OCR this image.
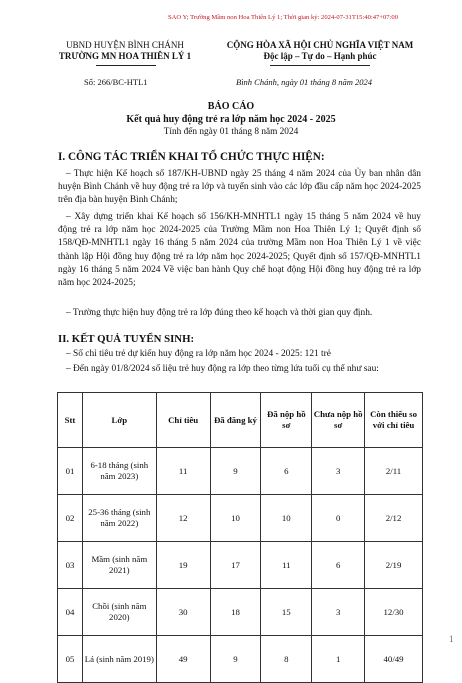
SAO Y; Trường Mầm non Hoa Thiên Lý 1; Thời gian ký: 2024-07-31T15:40:47+07:00
UBND HUYỆN BÌNH CHÁNH
TRƯỜNG MN HOA THIÊN LÝ 1
CỘNG HÒA XÃ HỘI CHỦ NGHĨA VIỆT NAM
Độc lập – Tự do – Hạnh phúc
Số: 266/BC-HTL1	Bình Chánh, ngày 01 tháng 8 năm 2024
BÁO CÁO
Kết quả huy động trẻ ra lớp năm học 2024 - 2025
Tính đến ngày 01 tháng 8 năm 2024
I. CÔNG TÁC TRIỂN KHAI TỔ CHỨC THỰC HIỆN:
– Thực hiện Kế hoạch số 187/KH-UBND ngày 25 tháng 4 năm 2024 của Ủy ban nhân dân huyện Bình Chánh về huy động trẻ ra lớp và tuyển sinh vào các lớp đầu cấp năm học 2024-2025 trên địa bàn huyện Bình Chánh;
– Xây dựng triển khai Kế hoạch số 156/KH-MNHTL1 ngày 15 tháng 5 năm 2024 về huy động trẻ ra lớp năm học 2024-2025 của Trường Mầm non Hoa Thiên Lý 1; Quyết định số 158/QĐ-MNHTL1 ngày 16 tháng 5 năm 2024 của trường Mầm non Hoa Thiên Lý 1 về việc thành lập Hội đồng huy động trẻ ra lớp năm học 2024-2025; Quyết định số 157/QĐ-MNHTL1 ngày 16 tháng 5 năm 2024 Về việc ban hành Quy chế hoạt động Hội đồng huy động trẻ ra lớp năm học 2024-2025;
– Trường thực hiện huy động trẻ ra lớp đúng theo kế hoạch và thời gian quy định.
II. KẾT QUẢ TUYỂN SINH:
– Số chỉ tiêu trẻ dự kiến huy động ra lớp năm học 2024 - 2025: 121 trẻ
Stt	Lớp	Chỉ tiêu	Đã đăng ký	Đã nộp hồ sơ	Chưa nộp hồ sơ	Còn thiếu so với chỉ tiêu
01	6-18 tháng (sinh năm 2023)	11	9	6	3	2/11
02	25-36 tháng (sinh năm 2022)	12	10	10	0	2/12
03	Mầm (sinh năm 2021)	19	17	11	6	2/19
04	Chồi (sinh năm 2020)	30	18	15	3	12/30
05	Lá (sinh năm 2019)	49	9	8	1	40/49
– Đến ngày 01/8/2024 số liệu trẻ huy động ra lớp theo từng lứa tuổi cụ thể như sau:
1
